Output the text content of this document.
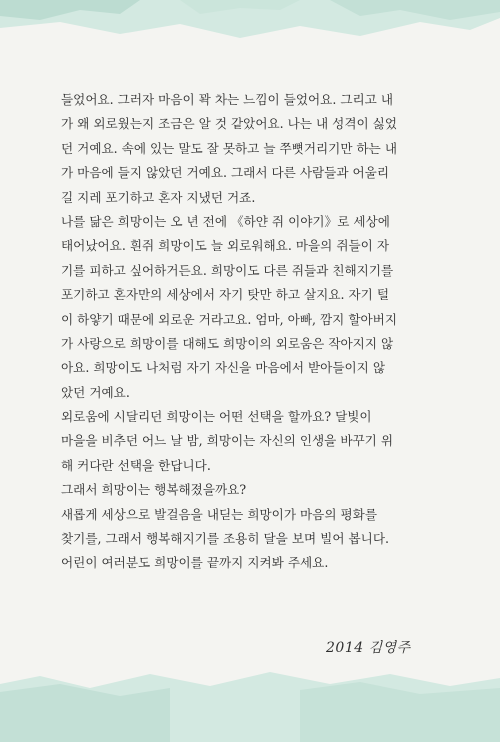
들었어요. 그러자 마음이 꽉 차는 느낌이 들었어요. 그리고 내
가 왜 외로웠는지 조금은 알 것 같았어요. 나는 내 성격이 싫었
던 거예요. 속에 있는 말도 잘 못하고 늘 쭈뼛거리기만 하는 내
가 마음에 들지 않았던 거예요. 그래서 다른 사람들과 어울리
길 지레 포기하고 혼자 지냈던 거죠.
나를 닮은 희망이는 오 년 전에 《하얀 쥐 이야기》로 세상에
태어났어요. 흰쥐 희망이도 늘 외로워해요. 마을의 쥐들이 자
기를 피하고 싶어하거든요. 희망이도 다른 쥐들과 친해지기를
포기하고 혼자만의 세상에서 자기 탓만 하고 살지요. 자기 털
이 하얗기 때문에 외로운 거라고요. 엄마, 아빠, 깜지 할아버지
가 사랑으로 희망이를 대해도 희망이의 외로움은 작아지지 않
아요. 희망이도 나처럼 자기 자신을 마음에서 받아들이지 않
았던 거예요.
외로움에 시달리던 희망이는 어떤 선택을 할까요? 달빛이
마을을 비추던 어느 날 밤, 희망이는 자신의 인생을 바꾸기 위
해 커다란 선택을 한답니다.
그래서 희망이는 행복해졌을까요?
새롭게 세상으로 발걸음을 내딛는 희망이가 마음의 평화를
찾기를, 그래서 행복해지기를 조용히 달을 보며 빌어 봅니다.
어린이 여러분도 희망이를 끝까지 지켜봐 주세요.
2014 김영주
